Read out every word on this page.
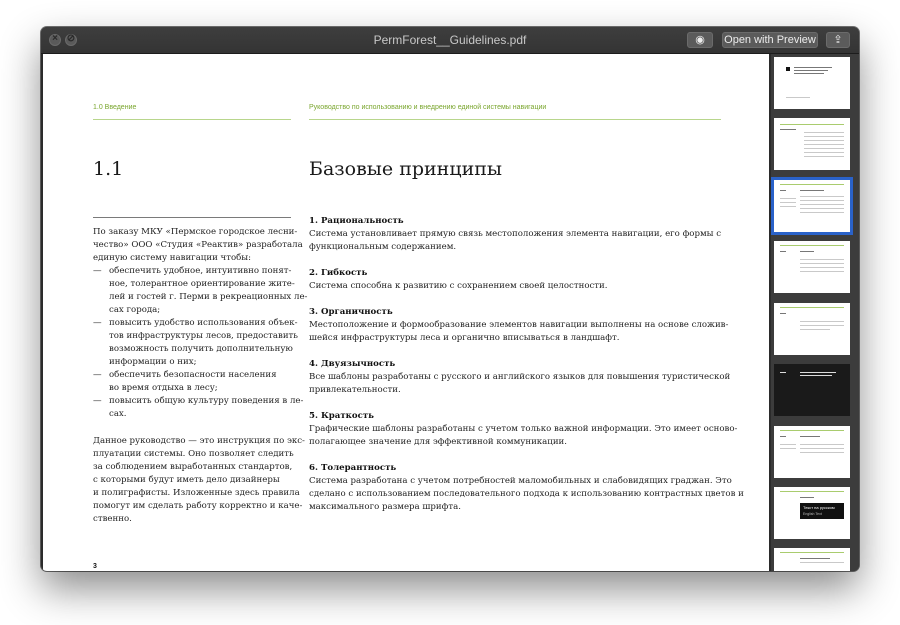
× ⊘	PermForest__Guidelines.pdf	◉	Open with Preview	⇪
1.0 Введение	Руководство по использованию и внедрению единой системы навигации
1.1	Базовые принципы
По заказу МКУ «Пермское городское лесни-
чество» ООО «Студия «Реактив» разработала
единую систему навигации чтобы:
— обеспечить удобное, интуитивно понят-
ное, толерантное ориентирование жите-
лей и гостей г. Перми в рекреационных ле-
сах города;
— повысить удобство использования объек-
тов инфраструктуры лесов, предоставить
возможность получить дополнительную
информации о них;
— обеспечить безопасности населения
во время отдыха в лесу;
— повысить общую культуру поведения в ле-
сах.
Данное руководство — это инструкция по экс-
плуатации системы. Оно позволяет следить
за соблюдением выработанных стандартов,
с которыми будут иметь дело дизайнеры
и полиграфисты. Изложенные здесь правила
помогут им сделать работу корректно и каче-
ственно.
1. Рациональность
Система установливает прямую связь местоположения элемента навигации, его формы с
функциональным содержанием.
2. Гибкость
Система способна к развитию с сохранением своей целостности.
3. Органичность
Местоположение и формообразование элементов навигации выполнены на основе сложив-
шейся инфраструктуры леса и органично вписываться в ландшафт.
4. Двуязычность
Все шаблоны разработаны с русского и английского языков для повышения туристической
привлекательности.
5. Краткость
Графические шаблоны разработаны с учетом только важной информации. Это имеет осново-
полагающее значение для эффективной коммуникации.
6. Толерантность
Система разработана с учетом потребностей маломобильных и слабовидящих граджан. Это
сделано с использованием последовательного подхода к использованию контрастных цветов и
максимального размера шрифта.
3
Текст на русском
English Text
